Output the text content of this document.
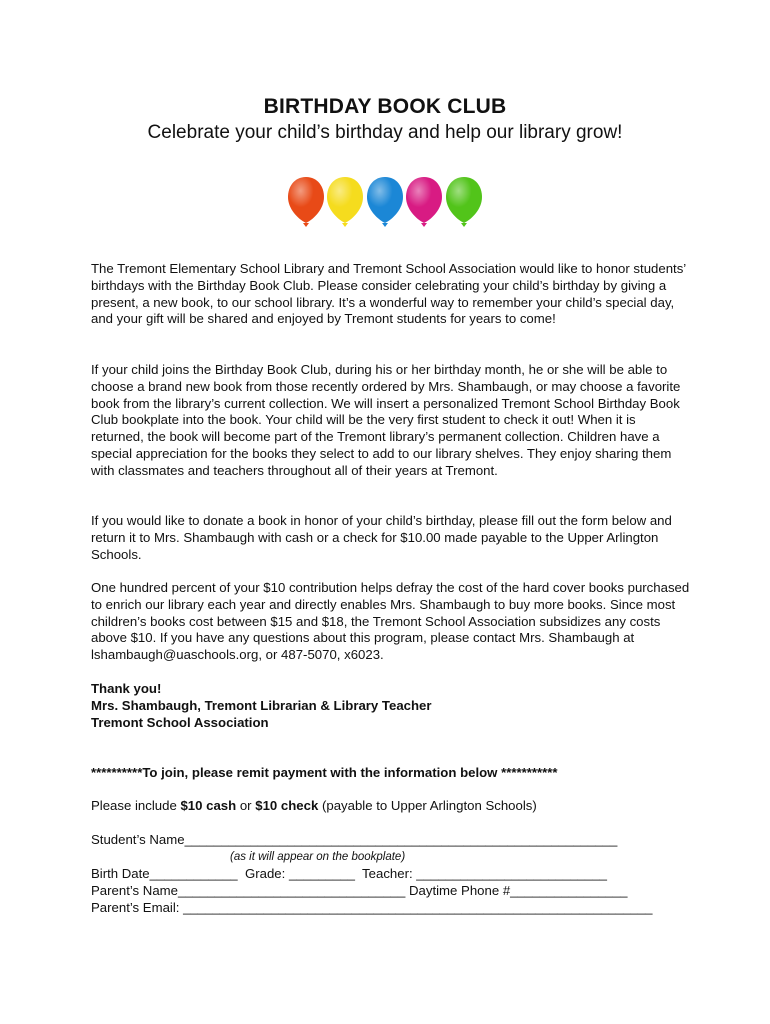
BIRTHDAY BOOK CLUB
Celebrate your child’s birthday and help our library grow!
The Tremont Elementary School Library and Tremont School Association would like to honor students’ birthdays with the Birthday Book Club. Please consider celebrating your child’s birthday by giving a present, a new book, to our school library. It’s a wonderful way to remember your child’s special day, and your gift will be shared and enjoyed by Tremont students for years to come!
If your child joins the Birthday Book Club, during his or her birthday month, he or she will be able to choose a brand new book from those recently ordered by Mrs. Shambaugh, or may choose a favorite book from the library’s current collection. We will insert a personalized Tremont School Birthday Book Club bookplate into the book. Your child will be the very first student to check it out! When it is returned, the book will become part of the Tremont library’s permanent collection. Children have a special appreciation for the books they select to add to our library shelves. They enjoy sharing them with classmates and teachers throughout all of their years at Tremont.
If you would like to donate a book in honor of your child’s birthday, please fill out the form below and return it to Mrs. Shambaugh with cash or a check for $10.00 made payable to the Upper Arlington Schools.
One hundred percent of your $10 contribution helps defray the cost of the hard cover books purchased to enrich our library each year and directly enables Mrs. Shambaugh to buy more books. Since most children’s books cost between $15 and $18, the Tremont School Association subsidizes any costs above $10. If you have any questions about this program, please contact Mrs. Shambaugh at lshambaugh@uaschools.org, or 487-5070, x6023.
Thank you!
Mrs. Shambaugh, Tremont Librarian & Library Teacher
Tremont School Association
**********To join, please remit payment with the information below ***********
Please include $10 cash or $10 check (payable to Upper Arlington Schools)
Student’s Name___________________________________________________________
(as it will appear on the bookplate)
Birth Date____________  Grade: _________  Teacher: __________________________
Parent’s Name_______________________________ Daytime Phone #________________
Parent’s Email: ________________________________________________________________
